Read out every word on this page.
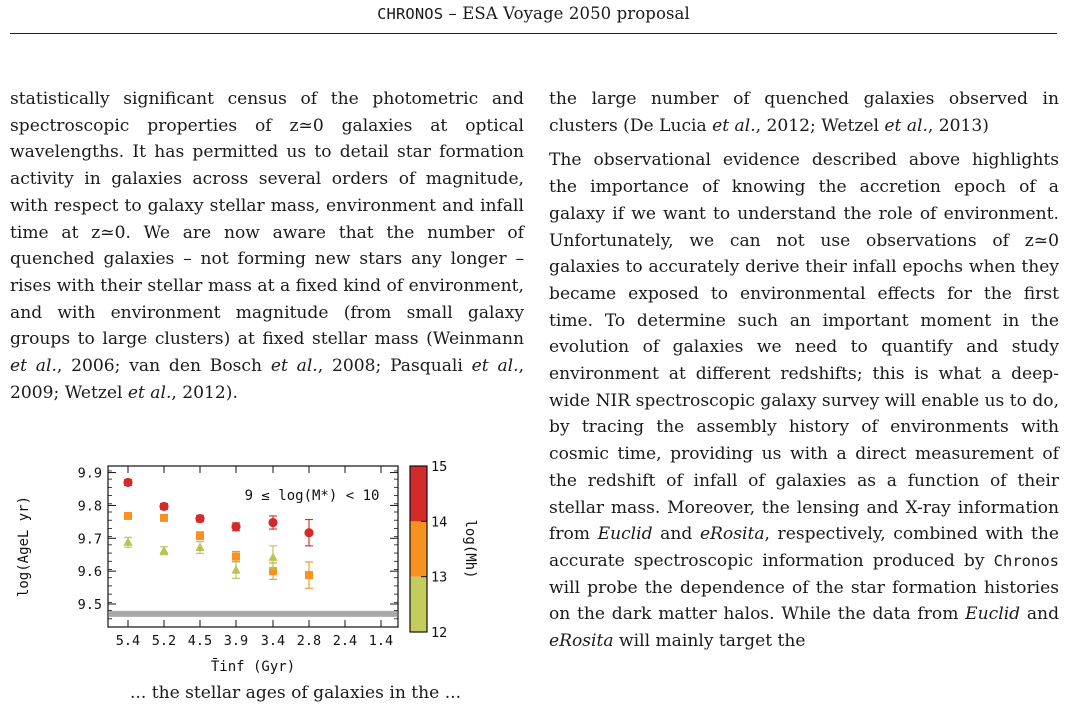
CHRONOS – ESA Voyage 2050 proposal

statistically significant census of the photometric and spectroscopic properties of z≃0 galaxies at optical wavelengths. It has permitted us to detail star formation activity in galaxies across several orders of magnitude, with respect to galaxy stellar mass, environment and infall time at z≃0. We are now aware that the number of quenched galaxies – not forming new stars any longer – rises with their stellar mass at a fixed kind of environment, and with environment magnitude (from small galaxy groups to large clusters) at fixed stellar mass (Weinmann et al., 2006; van den Bosch et al., 2008; Pasquali et al., 2009; Wetzel et al., 2012).

the large number of quenched galaxies observed in clusters (De Lucia et al., 2012; Wetzel et al., 2013)

The observational evidence described above highlights the importance of knowing the accretion epoch of a galaxy if we want to understand the role of environment. Unfortunately, we can not use observations of z≃0 galaxies to accurately derive their infall epochs when they became exposed to environmental effects for the first time. To determine such an important moment in the evolution of galaxies we need to quantify and study environment at different redshifts; this is what a deep-wide NIR spectroscopic galaxy survey will enable us to do, by tracing the assembly history of environments with cosmic time, providing us with a direct measurement of the redshift of infall of galaxies as a function of their stellar mass. Moreover, the lensing and X-ray information from Euclid and eRosita, respectively, combined with the accurate spectroscopic information produced by Chronos will probe the dependence of the star formation histories on the dark matter halos. While the data from Euclid and eRosita will mainly target the

9.5
9.6
9.7
9.8
9.9
5.4 5.2 4.5 3.9 3.4 2.8 2.4 1.4	12
13
14
15
9 ≤ log(M*) < 10
log(AgeL yr)
T̄inf (Gyr)
log(Mh)
... the stellar ages of galaxies in the ...
